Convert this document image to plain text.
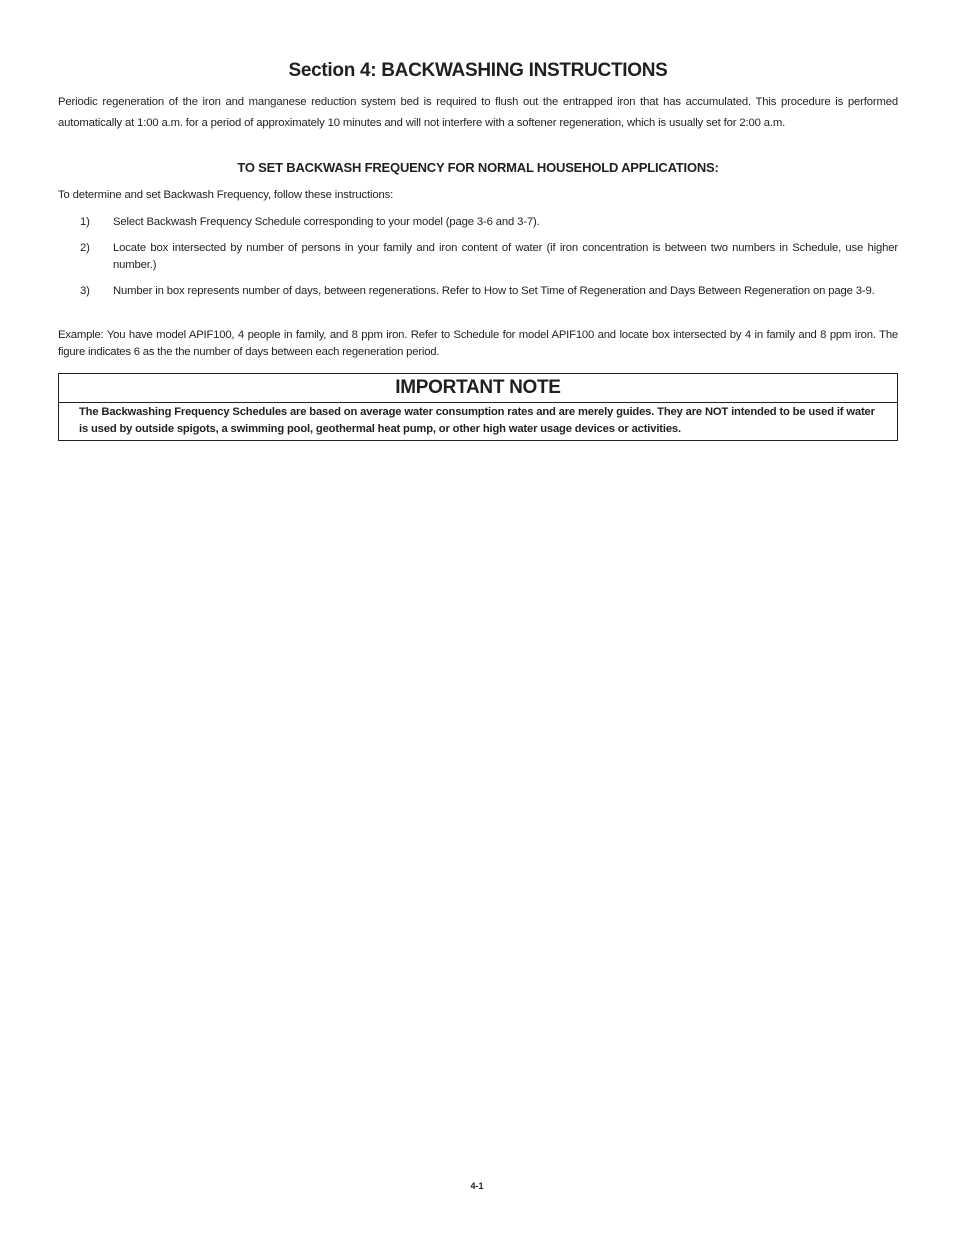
Section 4: BACKWASHING INSTRUCTIONS

Periodic regeneration of the iron and manganese reduction system bed is required to flush out the entrapped iron that has accumulated. This procedure is performed automatically at 1:00 a.m. for a period of approximately 10 minutes and will not interfere with a softener regeneration, which is usually set for 2:00 a.m.

TO SET BACKWASH FREQUENCY FOR NORMAL HOUSEHOLD APPLICATIONS:

To determine and set Backwash Frequency, follow these instructions:

1)	Select Backwash Frequency Schedule corresponding to your model (page 3-6 and 3-7).
2)	Locate box intersected by number of persons in your family and iron content of water (if iron concentration is between two numbers in Schedule, use higher number.)
3)	Number in box represents number of days, between regenerations. Refer to How to Set Time of Regeneration and Days Between Regeneration on page 3-9.

Example: You have model APIF100, 4 people in family, and 8 ppm iron. Refer to Schedule for model APIF100 and locate box intersected by 4 in family and 8 ppm iron. The figure indicates 6 as the the number of days between each regeneration period.

IMPORTANT NOTE

The Backwashing Frequency Schedules are based on average water consumption rates and are merely guides. They are NOT intended to be used if water is used by outside spigots, a swimming pool, geothermal heat pump, or other high water usage devices or activities.

4-1
